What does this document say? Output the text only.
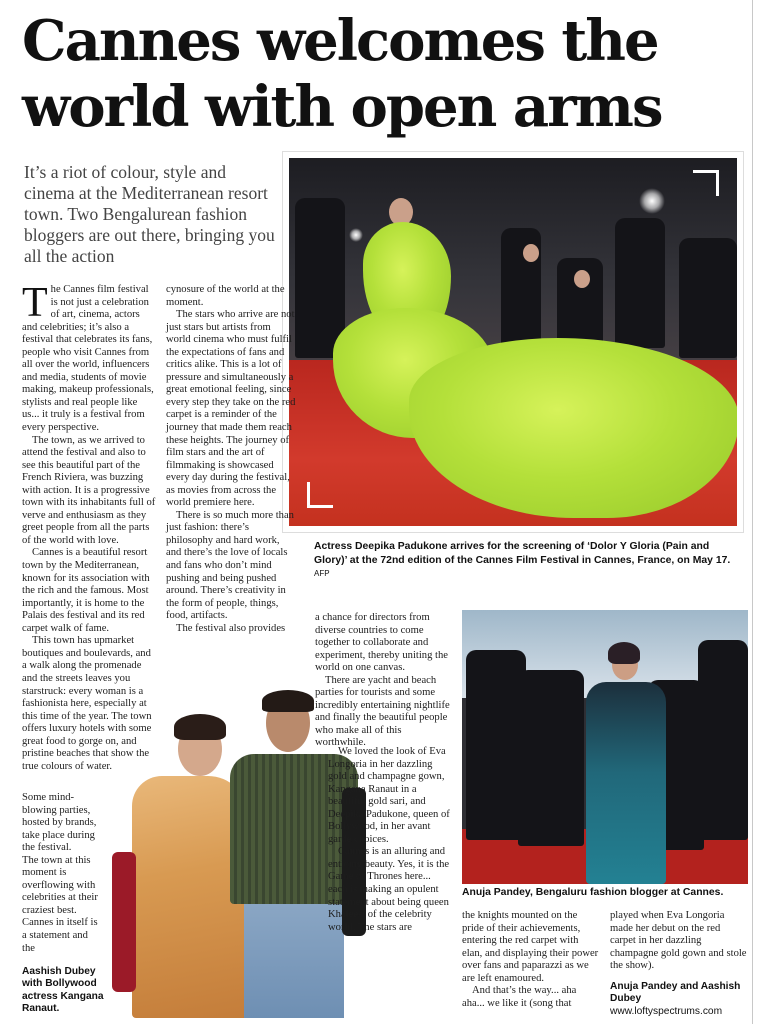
Cannes welcomes the
world with open arms

It’s a riot of colour, style and cinema at the Mediterranean resort town. Two Bengalurean fashion bloggers are out there, bringing you all the action

Actress Deepika Padukone arrives for the screening of ‘Dolor Y Gloria (Pain and Glory)’ at the 72nd edition of the Cannes Film Festival in Cannes, France, on May 17. AFP

The Cannes film festival is not just a celebration of art, cinema, actors and celebrities; it’s also a festival that celebrates its fans, people who visit Cannes from all over the world, influencers and media, students of movie making, makeup professionals, stylists and real people like us... it truly is a festival from every perspective.

The town, as we arrived to attend the festival and also to see this beautiful part of the French Riviera, was buzzing with action. It is a progressive town with its inhabitants full of verve and enthusiasm as they greet people from all the parts of the world with love.

Cannes is a beautiful resort town by the Mediterranean, known for its association with the rich and the famous. Most importantly, it is home to the Palais des festival and its red carpet walk of fame.

This town has upmarket boutiques and boulevards, and a walk along the promenade and the streets leaves you starstruck: every woman is a fashionista here, especially at this time of the year. The town offers luxury hotels with some great food to gorge on, and pristine beaches that show the true colours of water.

Some mind-blowing parties, hosted by brands, take place during the festival.

The town at this moment is overflowing with celebrities at their craziest best. Cannes in itself is a statement and the

cynosure of the world at the moment.

The stars who arrive are not just stars but artists from world cinema who must fulfil the expectations of fans and critics alike. This is a lot of pressure and simultaneously a great emotional feeling, since every step they take on the red carpet is a reminder of the journey that made them reach these heights. The journey of film stars and the art of filmmaking is showcased every day during the festival, as movies from across the world premiere here.

There is so much more than just fashion: there’s philosophy and hard work, and there’s the love of locals and fans who don’t mind pushing and being pushed around. There’s creativity in the form of people, things, food, artifacts.

The festival also provides

Aashish Dubey with Bollywood actress Kangana Ranaut.

a chance for directors from diverse countries to come together to collaborate and experiment, thereby uniting the world on one canvas.

There are yacht and beach parties for tourists and some incredibly entertaining nightlife and finally the beautiful people who make all of this worthwhile.

We loved the look of Eva Longoria in her dazzling gold and champagne gown, Kangana Ranaut in a beautiful gold sari, and Deepika Padukone, queen of Bollywood, in her avant garde choices.

Cannes is an alluring and enticing beauty. Yes, it is the Game of Thrones here... each is making an opulent statement about being queen Khaleesi of the celebrity world. The stars are

Anuja Pandey, Bengaluru fashion blogger at Cannes.

the knights mounted on the pride of their achievements, entering the red carpet with elan, and displaying their power over fans and paparazzi as we are left enamoured.

And that’s the way... aha aha... we like it (song that

played when Eva Longoria made her debut on the red carpet in her dazzling champagne gold gown and stole the show).

Anuja Pandey and Aashish Dubey
www.loftyspectrums.com
